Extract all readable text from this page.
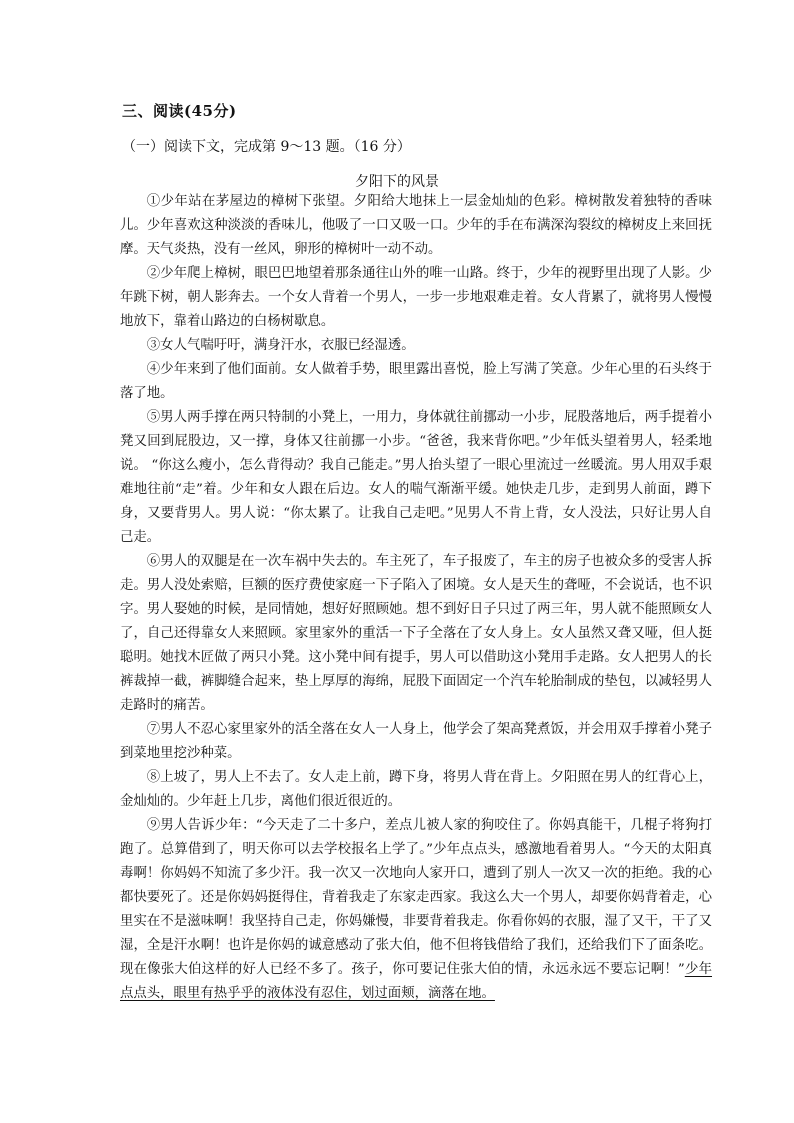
三、阅读(45分)
（一）阅读下文，完成第 9～13 题。（16 分）
夕阳下的风景

①少年站在茅屋边的樟树下张望。夕阳给大地抹上一层金灿灿的色彩。樟树散发着独特的香味儿。少年喜欢这种淡淡的香味儿，他吸了一口又吸一口。少年的手在布满深沟裂纹的樟树皮上来回抚摩。天气炎热，没有一丝风，卵形的樟树叶一动不动。

②少年爬上樟树，眼巴巴地望着那条通往山外的唯一山路。终于，少年的视野里出现了人影。少年跳下树，朝人影奔去。一个女人背着一个男人，一步一步地艰难走着。女人背累了，就将男人慢慢地放下，靠着山路边的白杨树歇息。

③女人气喘吁吁，满身汗水，衣服已经湿透。

④少年来到了他们面前。女人做着手势，眼里露出喜悦，脸上写满了笑意。少年心里的石头终于落了地。

⑤男人两手撑在两只特制的小凳上，一用力，身体就往前挪动一小步，屁股落地后，两手提着小凳又回到屁股边，又一撑，身体又往前挪一小步。“爸爸，我来背你吧。”少年低头望着男人，轻柔地说。 “你这么瘦小，怎么背得动？我自己能走。”男人抬头望了一眼心里流过一丝暖流。男人用双手艰难地往前“走”着。少年和女人跟在后边。女人的喘气渐渐平缓。她快走几步，走到男人前面，蹲下身，又要背男人。男人说：“你太累了。让我自己走吧。”见男人不肯上背，女人没法，只好让男人自己走。

⑥男人的双腿是在一次车祸中失去的。车主死了，车子报废了，车主的房子也被众多的受害人拆走。男人没处索赔，巨额的医疗费使家庭一下子陷入了困境。女人是天生的聋哑，不会说话，也不识字。男人娶她的时候，是同情她，想好好照顾她。想不到好日子只过了两三年，男人就不能照顾女人了，自己还得靠女人来照顾。家里家外的重活一下子全落在了女人身上。女人虽然又聋又哑，但人挺聪明。她找木匠做了两只小凳。这小凳中间有提手，男人可以借助这小凳用手走路。女人把男人的长裤裁掉一截，裤脚缝合起来，垫上厚厚的海绵，屁股下面固定一个汽车轮胎制成的垫包，以减轻男人走路时的痛苦。

⑦男人不忍心家里家外的活全落在女人一人身上，他学会了架高凳煮饭，并会用双手撑着小凳子到菜地里挖沙种菜。

⑧上坡了，男人上不去了。女人走上前，蹲下身，将男人背在背上。夕阳照在男人的红背心上，金灿灿的。少年赶上几步，离他们很近很近的。

⑨男人告诉少年：“今天走了二十多户，差点儿被人家的狗咬住了。你妈真能干，几棍子将狗打跑了。总算借到了，明天你可以去学校报名上学了。”少年点点头，感激地看着男人。“今天的太阳真毒啊！你妈妈不知流了多少汗。我一次又一次地向人家开口，遭到了别人一次又一次的拒绝。我的心都快要死了。还是你妈妈挺得住，背着我走了东家走西家。我这么大一个男人，却要你妈背着走，心里实在不是滋味啊！我坚持自己走，你妈嫌慢，非要背着我走。你看你妈的衣服，湿了又干，干了又湿，全是汗水啊！也许是你妈的诚意感动了张大伯，他不但将钱借给了我们，还给我们下了面条吃。现在像张大伯这样的好人已经不多了。孩子，你可要记住张大伯的情，永远永远不要忘记啊！”少年点点头，眼里有热乎乎的液体没有忍住，划过面颊，滴落在地。
